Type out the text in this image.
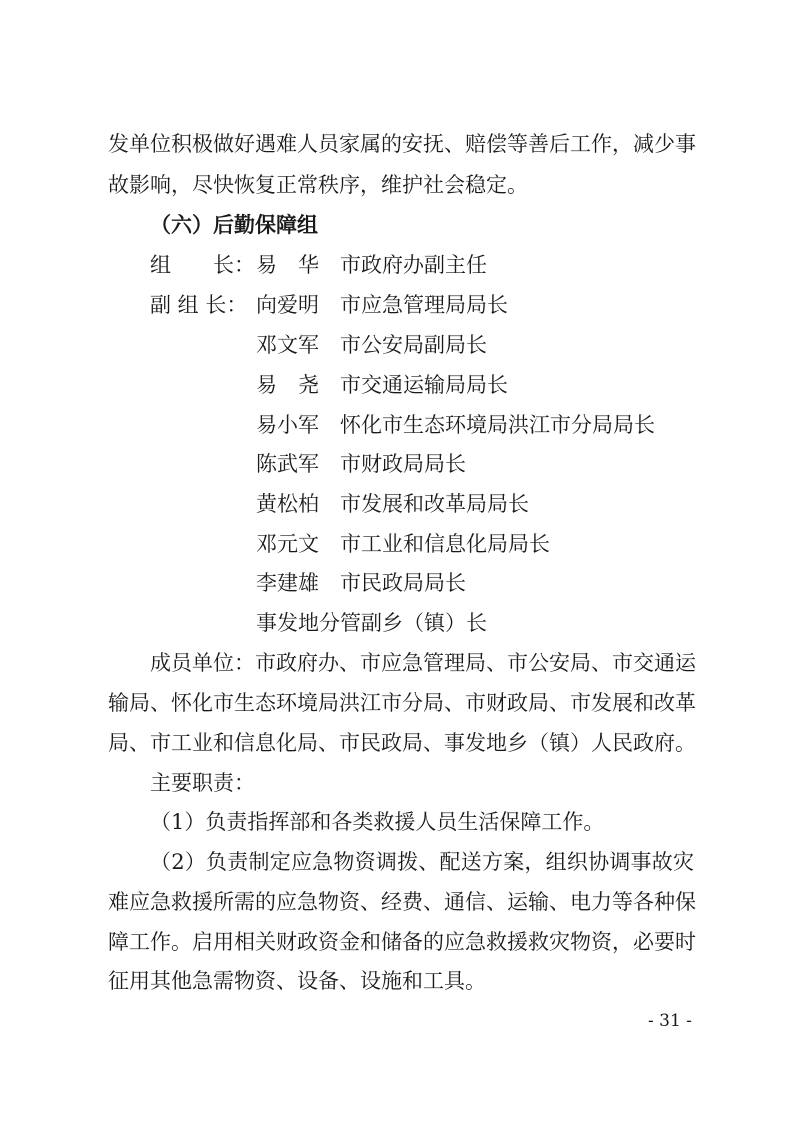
发单位积极做好遇难人员家属的安抚、赔偿等善后工作，减少事
故影响，尽快恢复正常秩序，维护社会稳定。
（六）后勤保障组
组　　长： 易　华 市政府办副主任
副 组 长： 向爱明 市应急管理局局长
邓文军 市公安局副局长
易　尧 市交通运输局局长
易小军 怀化市生态环境局洪江市分局局长
陈武军 市财政局局长
黄松柏 市发展和改革局局长
邓元文 市工业和信息化局局长
李建雄 市民政局局长
事发地分管副乡（镇）长
成员单位：市政府办、市应急管理局、市公安局、市交通运
输局、怀化市生态环境局洪江市分局、市财政局、市发展和改革
局、市工业和信息化局、市民政局、事发地乡（镇）人民政府。
主要职责：
（1）负责指挥部和各类救援人员生活保障工作。
（2）负责制定应急物资调拨、配送方案，组织协调事故灾
难应急救援所需的应急物资、经费、通信、运输、电力等各种保
障工作。启用相关财政资金和储备的应急救援救灾物资，必要时
征用其他急需物资、设备、设施和工具。
- 31 -
